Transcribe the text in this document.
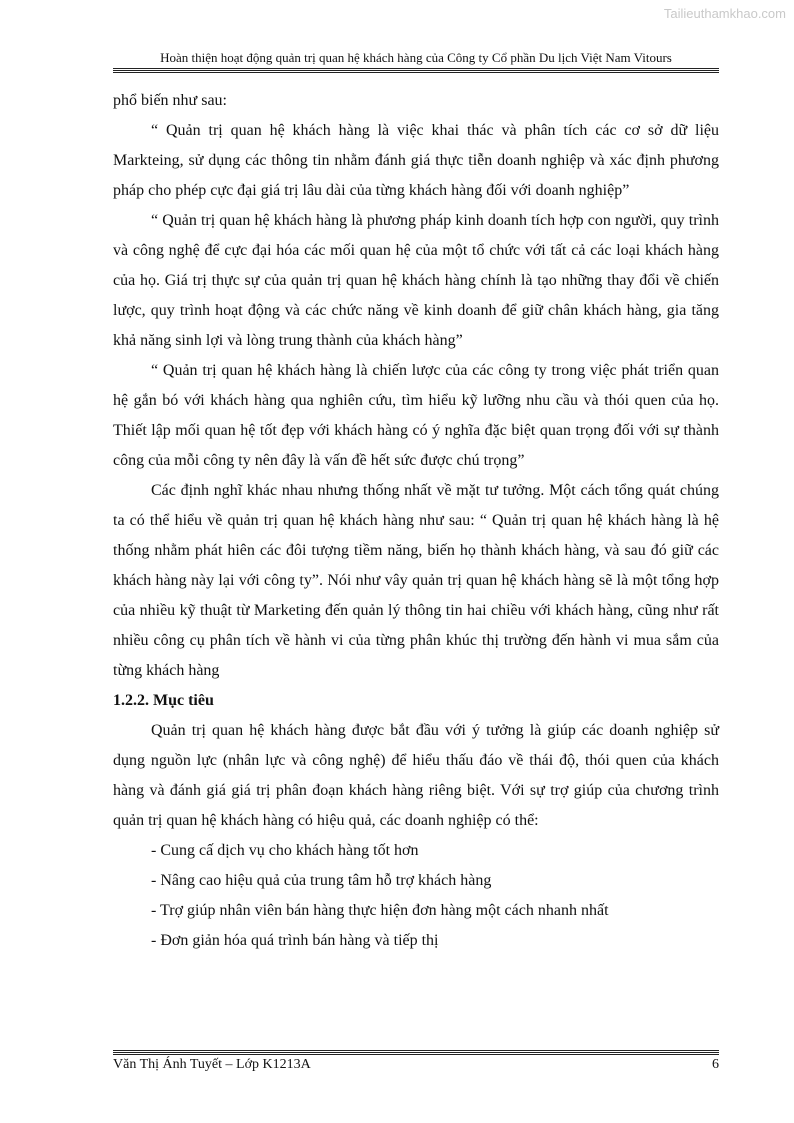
Tailieuthamkhao.com
Hoàn thiện hoạt động quản trị quan hệ khách hàng của Công ty Cổ phần Du lịch Việt Nam Vitours

phổ biến như sau:

“ Quản trị quan hệ khách hàng là việc khai thác và phân tích các cơ sở dữ liệu Markteing, sử dụng các thông tin nhằm đánh giá thực tiễn doanh nghiệp và xác định phương pháp cho phép cực đại giá trị lâu dài của từng khách hàng đối với doanh nghiệp”

“ Quản trị quan hệ khách hàng là phương pháp kinh doanh tích hợp con người, quy trình và công nghệ để cực đại hóa các mối quan hệ của một tổ chức với tất cả các loại khách hàng của họ. Giá trị thực sự của quản trị quan hệ khách hàng chính là tạo những thay đổi về chiến lược, quy trình hoạt động và các chức năng về kinh doanh để giữ chân khách hàng, gia tăng khả năng sinh lợi và lòng trung thành của khách hàng”

“ Quản trị quan hệ khách hàng là chiến lược của các công ty trong việc phát triển quan hệ gắn bó với khách hàng qua nghiên cứu, tìm hiểu kỹ lưỡng nhu cầu và thói quen của họ. Thiết lập mối quan hệ tốt đẹp với khách hàng có ý nghĩa đặc biệt quan trọng đối với sự thành công của mỗi công ty nên đây là vấn đề hết sức được chú trọng”

Các định nghĩ khác nhau nhưng thống nhất về mặt tư tưởng. Một cách tổng quát chúng ta có thể hiểu về quản trị quan hệ khách hàng như sau: “ Quản trị quan hệ khách hàng là hệ thống nhằm phát hiên các đôi tượng tiềm năng, biến họ thành khách hàng, và sau đó giữ các khách hàng này lại với công ty”. Nói như vây quản trị quan hệ khách hàng sẽ là một tổng hợp của nhiều kỹ thuật từ Marketing đến quản lý thông tin hai chiều với khách hàng, cũng như rất nhiều công cụ phân tích về hành vi của từng phân khúc thị trường đến hành vi mua sắm của từng khách hàng

1.2.2. Mục tiêu

Quản trị quan hệ khách hàng được bắt đầu với ý tưởng là giúp các doanh nghiệp sử dụng nguồn lực (nhân lực và công nghệ) để hiểu thấu đáo về thái độ, thói quen của khách hàng và đánh giá giá trị phân đoạn khách hàng riêng biệt. Với sự trợ giúp của chương trình quản trị quan hệ khách hàng có hiệu quả, các doanh nghiệp có thể:

- Cung cấ dịch vụ cho khách hàng tốt hơn

- Nâng cao hiệu quả của trung tâm hỗ trợ khách hàng

- Trợ giúp nhân viên bán hàng thực hiện đơn hàng một cách nhanh nhất

- Đơn giản hóa quá trình bán hàng và tiếp thị

Văn Thị Ánh Tuyết – Lớp K1213A	6
